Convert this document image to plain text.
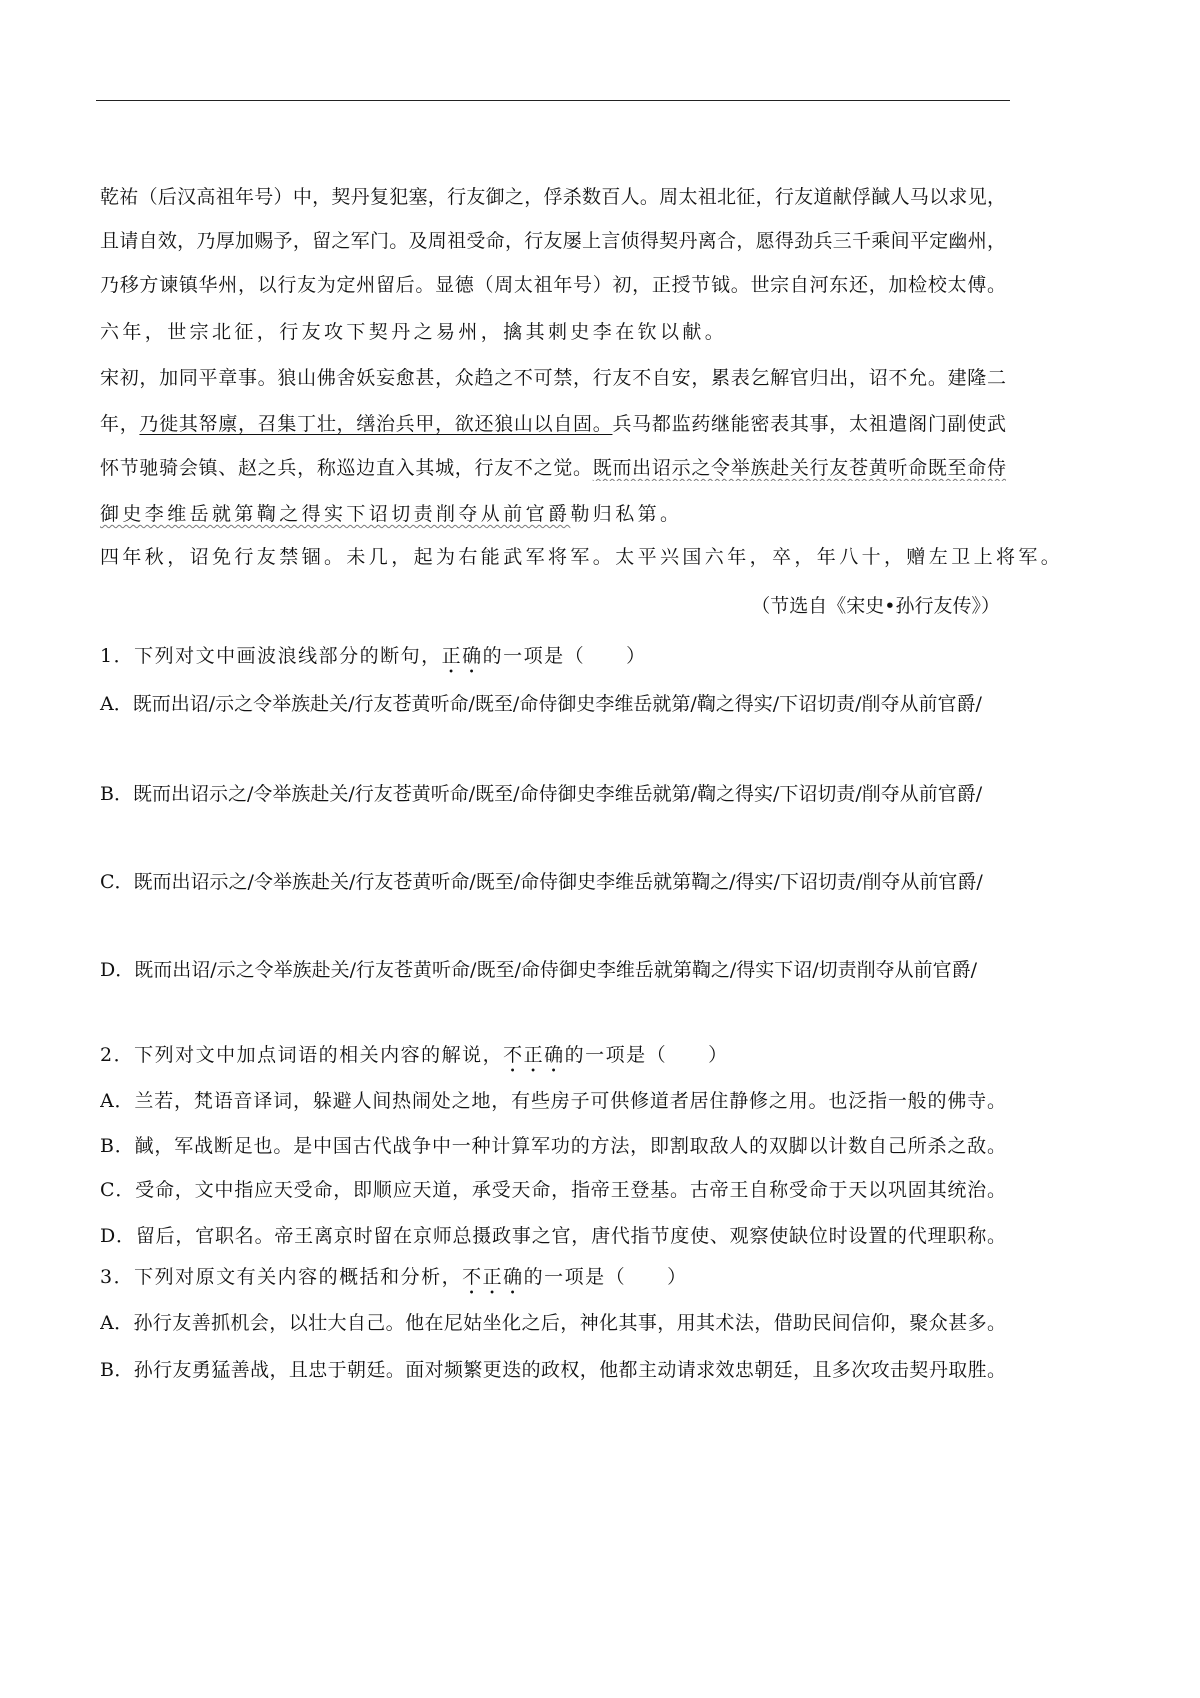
乾祐（后汉高祖年号）中，契丹复犯塞，行友御之，俘杀数百人。周太祖北征，行友道献俘馘人马以求见，
且请自效，乃厚加赐予，留之军门。及周祖受命，行友屡上言侦得契丹离合，愿得劲兵三千乘间平定幽州，
乃移方谏镇华州，以行友为定州留后。显德（周太祖年号）初，正授节钺。世宗自河东还，加检校太傅。
六年，世宗北征，行友攻下契丹之易州，擒其刺史李在钦以献。
宋初，加同平章事。狼山佛舍妖妄愈甚，众趋之不可禁，行友不自安，累表乞解官归出，诏不允。建隆二
年，乃徙其帑廪，召集丁壮，缮治兵甲，欲还狼山以自固。兵马都监药继能密表其事，太祖遣阁门副使武
怀节驰骑会镇、赵之兵，称巡边直入其城，行友不之觉。既而出诏示之令举族赴关行友苍黄听命既至命侍
御史李维岳就第鞫之得实下诏切责削夺从前官爵勒归私第。
四年秋，诏免行友禁锢。未几，起为右能武军将军。太平兴国六年，卒，年八十，赠左卫上将军。
（节选自《宋史•孙行友传》）
1．下列对文中画波浪线部分的断句，正确的一项是（　　）
A．既而出诏/示之令举族赴关/行友苍黄听命/既至/命侍御史李维岳就第/鞫之得实/下诏切责/削夺从前官爵/
B．既而出诏示之/令举族赴关/行友苍黄听命/既至/命侍御史李维岳就第/鞫之得实/下诏切责/削夺从前官爵/
C．既而出诏示之/令举族赴关/行友苍黄听命/既至/命侍御史李维岳就第鞫之/得实/下诏切责/削夺从前官爵/
D．既而出诏/示之令举族赴关/行友苍黄听命/既至/命侍御史李维岳就第鞫之/得实下诏/切责削夺从前官爵/
2．下列对文中加点词语的相关内容的解说，不正确的一项是（　　）
A．兰若，梵语音译词，躲避人间热闹处之地，有些房子可供修道者居住静修之用。也泛指一般的佛寺。
B．馘，军战断足也。是中国古代战争中一种计算军功的方法，即割取敌人的双脚以计数自己所杀之敌。
C．受命，文中指应天受命，即顺应天道，承受天命，指帝王登基。古帝王自称受命于天以巩固其统治。
D．留后，官职名。帝王离京时留在京师总摄政事之官，唐代指节度使、观察使缺位时设置的代理职称。
3．下列对原文有关内容的概括和分析，不正确的一项是（　　）
A．孙行友善抓机会，以壮大自己。他在尼姑坐化之后，神化其事，用其术法，借助民间信仰，聚众甚多。
B．孙行友勇猛善战，且忠于朝廷。面对频繁更迭的政权，他都主动请求效忠朝廷，且多次攻击契丹取胜。
